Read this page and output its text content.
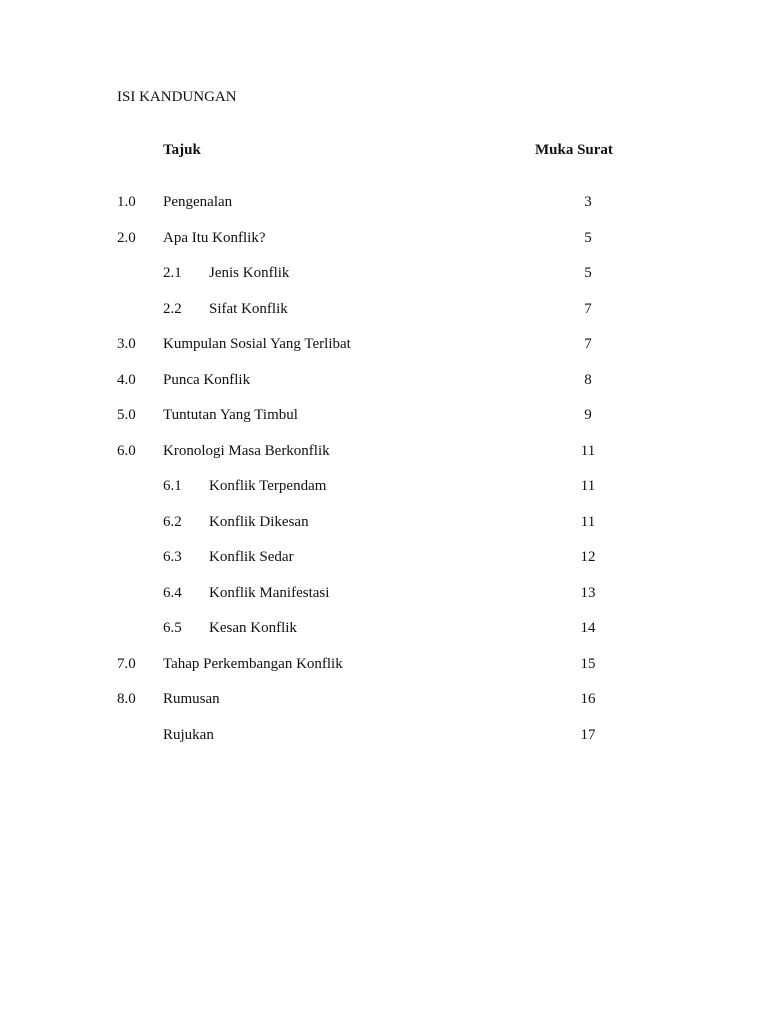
ISI KANDUNGAN
Tajuk	Muka Surat
1.0 Pengenalan	3
2.0 Apa Itu Konflik?	5
2.1 Jenis Konflik	5
2.2 Sifat Konflik	7
3.0 Kumpulan Sosial Yang Terlibat	7
4.0 Punca Konflik	8
5.0 Tuntutan Yang Timbul	9
6.0 Kronologi Masa Berkonflik	11
6.1 Konflik Terpendam	11
6.2 Konflik Dikesan	11
6.3 Konflik Sedar	12
6.4 Konflik Manifestasi	13
6.5 Kesan Konflik	14
7.0 Tahap Perkembangan Konflik	15
8.0 Rumusan	16
Rujukan	17
